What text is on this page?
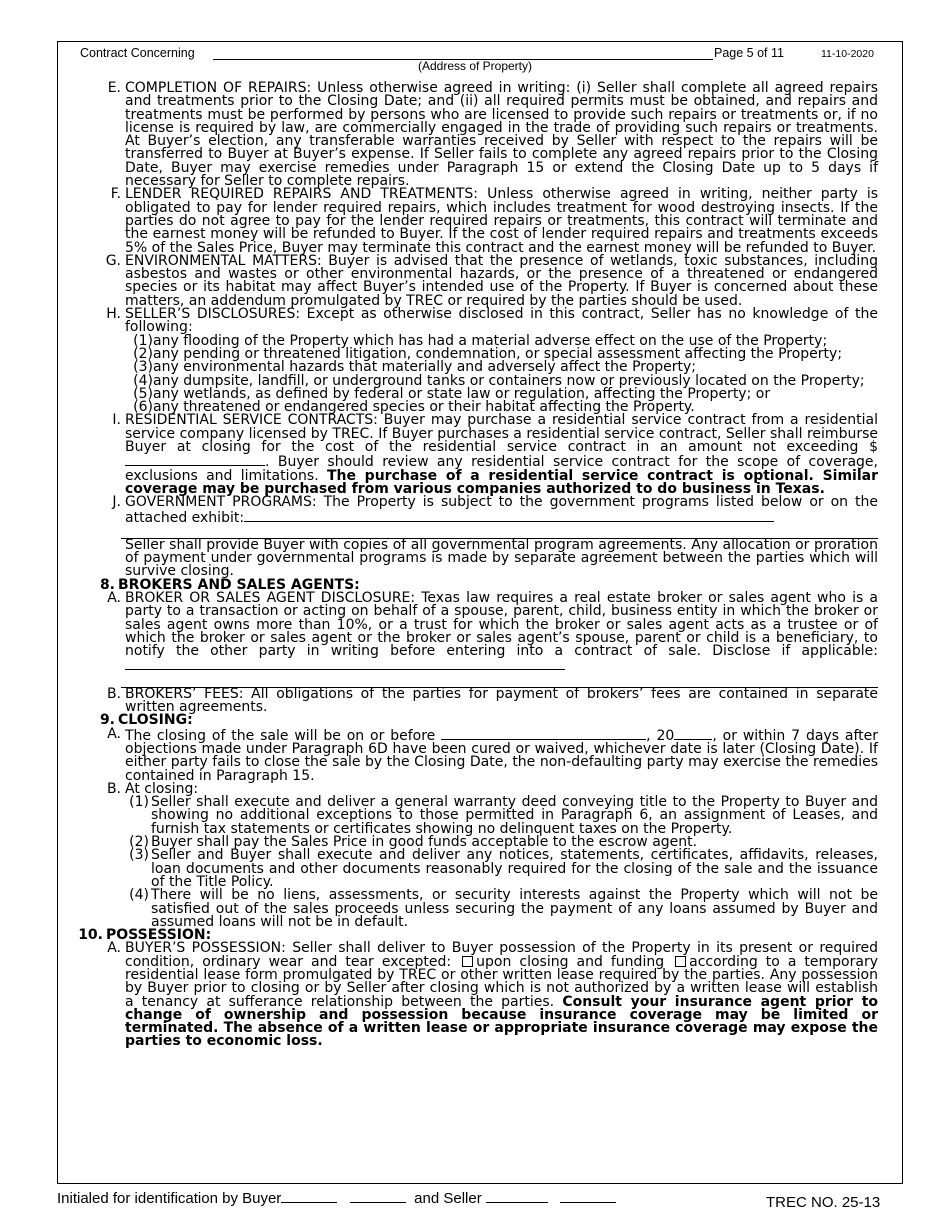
Contract Concerning	Page 5 of 11	11-10-2020
(Address of Property)
E. COMPLETION OF REPAIRS: Unless otherwise agreed in writing: (i) Seller shall complete all agreed repairs and treatments prior to the Closing Date; and (ii) all required permits must be obtained, and repairs and treatments must be performed by persons who are licensed to provide such repairs or treatments or, if no license is required by law, are commercially engaged in the trade of providing such repairs or treatments. At Buyer’s election, any transferable warranties received by Seller with respect to the repairs will be transferred to Buyer at Buyer’s expense. If Seller fails to complete any agreed repairs prior to the Closing Date, Buyer may exercise remedies under Paragraph 15 or extend the Closing Date up to 5 days if necessary for Seller to complete repairs.
F. LENDER REQUIRED REPAIRS AND TREATMENTS: Unless otherwise agreed in writing, neither party is obligated to pay for lender required repairs, which includes treatment for wood destroying insects. If the parties do not agree to pay for the lender required repairs or treatments, this contract will terminate and the earnest money will be refunded to Buyer. If the cost of lender required repairs and treatments exceeds 5% of the Sales Price, Buyer may terminate this contract and the earnest money will be refunded to Buyer.
G. ENVIRONMENTAL MATTERS: Buyer is advised that the presence of wetlands, toxic substances, including asbestos and wastes or other environmental hazards, or the presence of a threatened or endangered species or its habitat may affect Buyer’s intended use of the Property. If Buyer is concerned about these matters, an addendum promulgated by TREC or required by the parties should be used.
H. SELLER’S DISCLOSURES: Except as otherwise disclosed in this contract, Seller has no knowledge of the following:
(1) any flooding of the Property which has had a material adverse effect on the use of the Property;
(2) any pending or threatened litigation, condemnation, or special assessment affecting the Property;
(3) any environmental hazards that materially and adversely affect the Property;
(4) any dumpsite, landfill, or underground tanks or containers now or previously located on the Property;
(5) any wetlands, as defined by federal or state law or regulation, affecting the Property; or
(6) any threatened or endangered species or their habitat affecting the Property.
I. RESIDENTIAL SERVICE CONTRACTS: Buyer may purchase a residential service contract from a residential service company licensed by TREC. If Buyer purchases a residential service contract, Seller shall reimburse Buyer at closing for the cost of the residential service contract in an amount not exceeding $. Buyer should review any residential service contract for the scope of coverage, exclusions and limitations. The purchase of a residential service contract is optional. Similar coverage may be purchased from various companies authorized to do business in Texas.
J. GOVERNMENT PROGRAMS: The Property is subject to the government programs listed below or on the attached exhibit:
Seller shall provide Buyer with copies of all governmental program agreements. Any allocation or proration of payment under governmental programs is made by separate agreement between the parties which will survive closing.
8. BROKERS AND SALES AGENTS:
A. BROKER OR SALES AGENT DISCLOSURE: Texas law requires a real estate broker or sales agent who is a party to a transaction or acting on behalf of a spouse, parent, child, business entity in which the broker or sales agent owns more than 10%, or a trust for which the broker or sales agent acts as a trustee or of which the broker or sales agent or the broker or sales agent’s spouse, parent or child is a beneficiary, to notify the other party in writing before entering into a contract of sale. Disclose if applicable:
B. BROKERS’ FEES: All obligations of the parties for payment of brokers’ fees are contained in separate written agreements.
9. CLOSING:
A. The closing of the sale will be on or before	, 20	, or within 7 days after objections made under Paragraph 6D have been cured or waived, whichever date is later (Closing Date). If either party fails to close the sale by the Closing Date, the non-defaulting party may exercise the remedies contained in Paragraph 15.
B. At closing:
(1) Seller shall execute and deliver a general warranty deed conveying title to the Property to Buyer and showing no additional exceptions to those permitted in Paragraph 6, an assignment of Leases, and furnish tax statements or certificates showing no delinquent taxes on the Property.
(2) Buyer shall pay the Sales Price in good funds acceptable to the escrow agent.
(3) Seller and Buyer shall execute and deliver any notices, statements, certificates, affidavits, releases, loan documents and other documents reasonably required for the closing of the sale and the issuance of the Title Policy.
(4) There will be no liens, assessments, or security interests against the Property which will not be satisfied out of the sales proceeds unless securing the payment of any loans assumed by Buyer and assumed loans will not be in default.
10. POSSESSION:
A. BUYER’S POSSESSION: Seller shall deliver to Buyer possession of the Property in its present or required condition, ordinary wear and tear excepted: upon closing and funding according to a temporary residential lease form promulgated by TREC or other written lease required by the parties. Any possession by Buyer prior to closing or by Seller after closing which is not authorized by a written lease will establish a tenancy at sufferance relationship between the parties. Consult your insurance agent prior to change of ownership and possession because insurance coverage may be limited or terminated. The absence of a written lease or appropriate insurance coverage may expose the parties to economic loss.
Initialed for identification by Buyer	and Seller	TREC NO. 25-13
